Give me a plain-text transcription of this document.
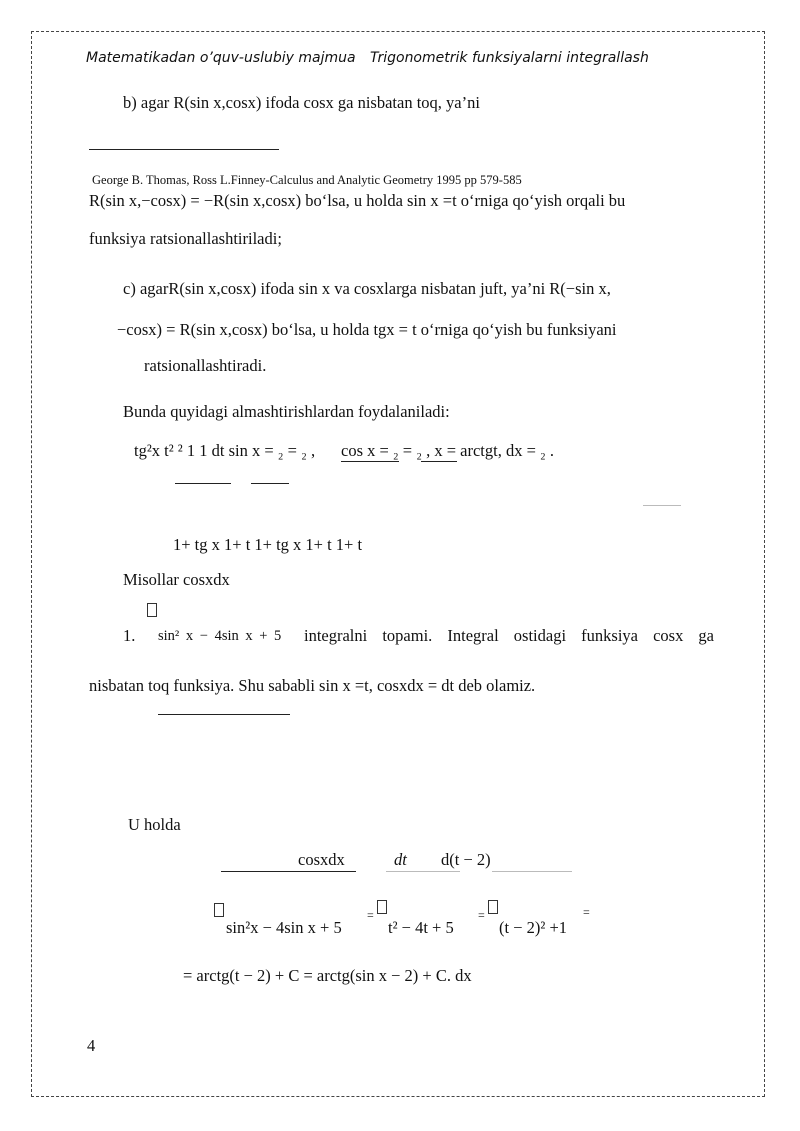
Matematikadan o’quv-uslubiy majmua Trigonometrik funksiyalarni integrallash
b) agar R(sin x,cosx) ifoda cosx ga nisbatan toq, ya’ni
George B. Thomas, Ross L.Finney-Calculus and Analytic Geometry 1995 pp 579-585
R(sin x,−cosx) = −R(sin x,cosx) bo‘lsa, u holda sin x =t o‘rniga qo‘yish orqali bu
funksiya ratsionallashtiriladi;
c) agarR(sin x,cosx) ifoda sin x va cosxlarga nisbatan juft, ya’ni R(−sin x,
−cosx) = R(sin x,cosx) bo‘lsa, u holda tgx = t o‘rniga qo‘yish bu funksiyani
ratsionallashtiradi.
Bunda quyidagi almashtirishlardan foydalaniladi:
tg²x t² ² 1 1 dt sin x = ₂ = ₂ , cos x = ₂ = ₂ , x = arctgt, dx = ₂ .
1+ tg x 1+ t 1+ tg x 1+ t 1+ t
Misollar cosxdx
1. sin² x − 4sin x + 5 integralni topami. Integral ostidagi funksiya cosx ga
nisbatan toq funksiya. Shu sababli sin x =t, cosxdx = dt deb olamiz.
U holda
cosxdx	dt d(t − 2)
=	=	=
sin²x − 4sin x + 5	t² − 4t + 5	(t − 2)² +1
= arctg(t − 2) + C = arctg(sin x − 2) + C. dx
4
